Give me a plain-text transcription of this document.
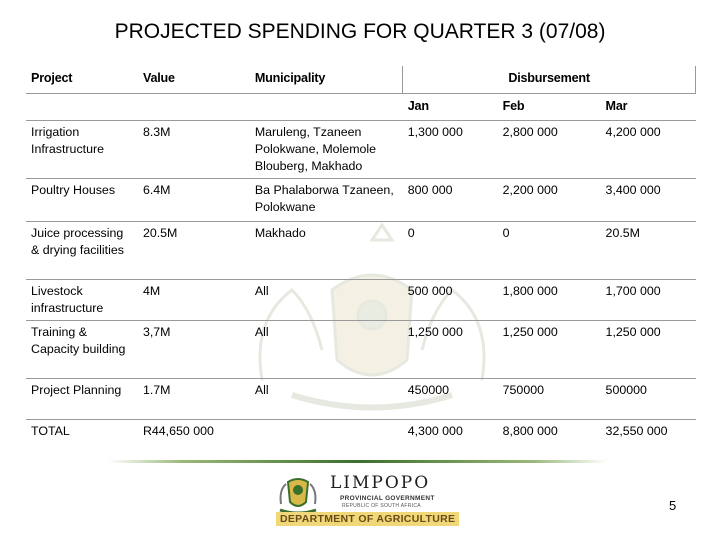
PROJECTED SPENDING FOR QUARTER 3 (07/08)
Project	Value	Municipality	Disbursement		
			Jan	Feb	Mar
Irrigation Infrastructure	8.3M	Maruleng, Tzaneen Polokwane, Molemole Blouberg, Makhado	1,300 000	2,800 000	4,200 000
Poultry Houses	6.4M	Ba Phalaborwa Tzaneen, Polokwane	800 000	2,200 000	3,400 000
Juice processing & drying facilities	20.5M	Makhado	0	0	20.5M
Livestock infrastructure	4M	All	500 000	1,800 000	1,700 000
Training & Capacity building	3,7M	All	1,250 000	1,250 000	1,250 000
Project Planning	1.7M	All	450000	750000	500000
TOTAL	R44,650 000		4,300 000	8,800 000	32,550 000
LIMPOPO
PROVINCIAL GOVERNMENT
REPUBLIC OF SOUTH AFRICA
DEPARTMENT OF AGRICULTURE
5
